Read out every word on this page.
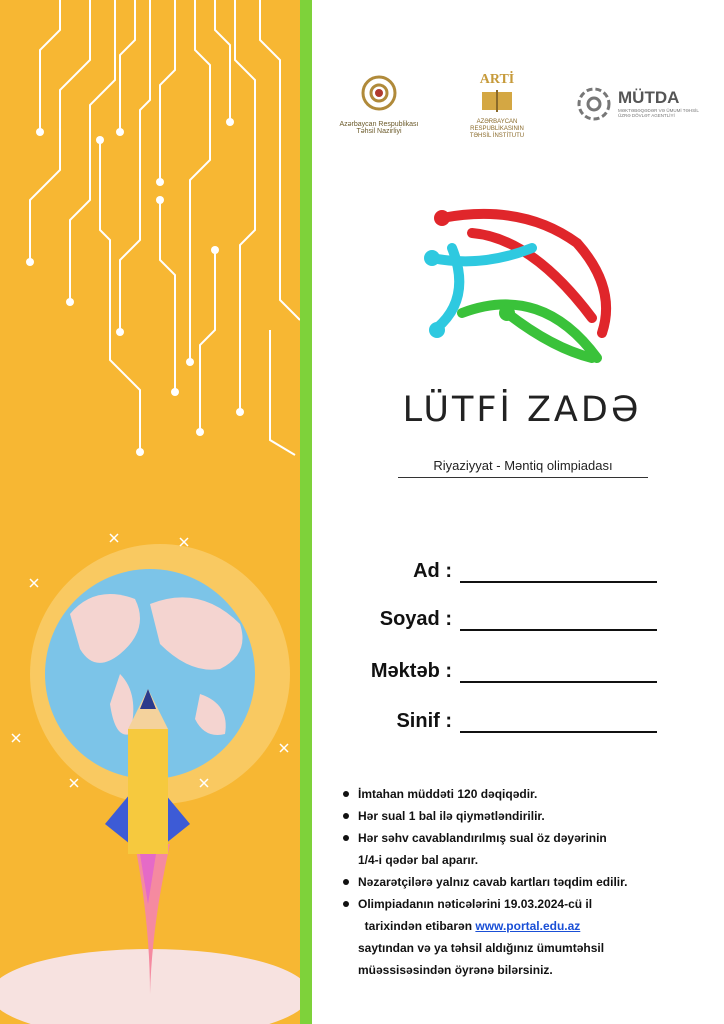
Azərbaycan Respublikası
Təhsil Nazirliyi
ARTİ
AZƏRBAYCAN RESPUBLİKASININ
TƏHSİL İNSTİTUTU
MÜTDA
MƏKTƏBƏQƏDƏR VƏ ÜMUMİ TƏHSİL ÜZRƏ DÖVLƏT AGENTLİYİ
LÜTFİ ZADƏ
Riyaziyyat - Məntiq olimpiadası
Ad :
Soyad :
Məktəb :
Sinif :
İmtahan müddəti 120 dəqiqədir.
Hər sual 1 bal ilə qiymətləndirilir.
Hər səhv cavablandırılmış sual öz dəyərinin
1/4-i qədər bal aparır.
Nəzarətçilərə yalnız cavab kartları təqdim edilir.
Olimpiadanın nəticələrini 19.03.2024-cü il
tarixindən etibarən www.portal.edu.az
saytından və ya təhsil aldığınız ümumtəhsil
müəssisəsindən öyrənə bilərsiniz.
